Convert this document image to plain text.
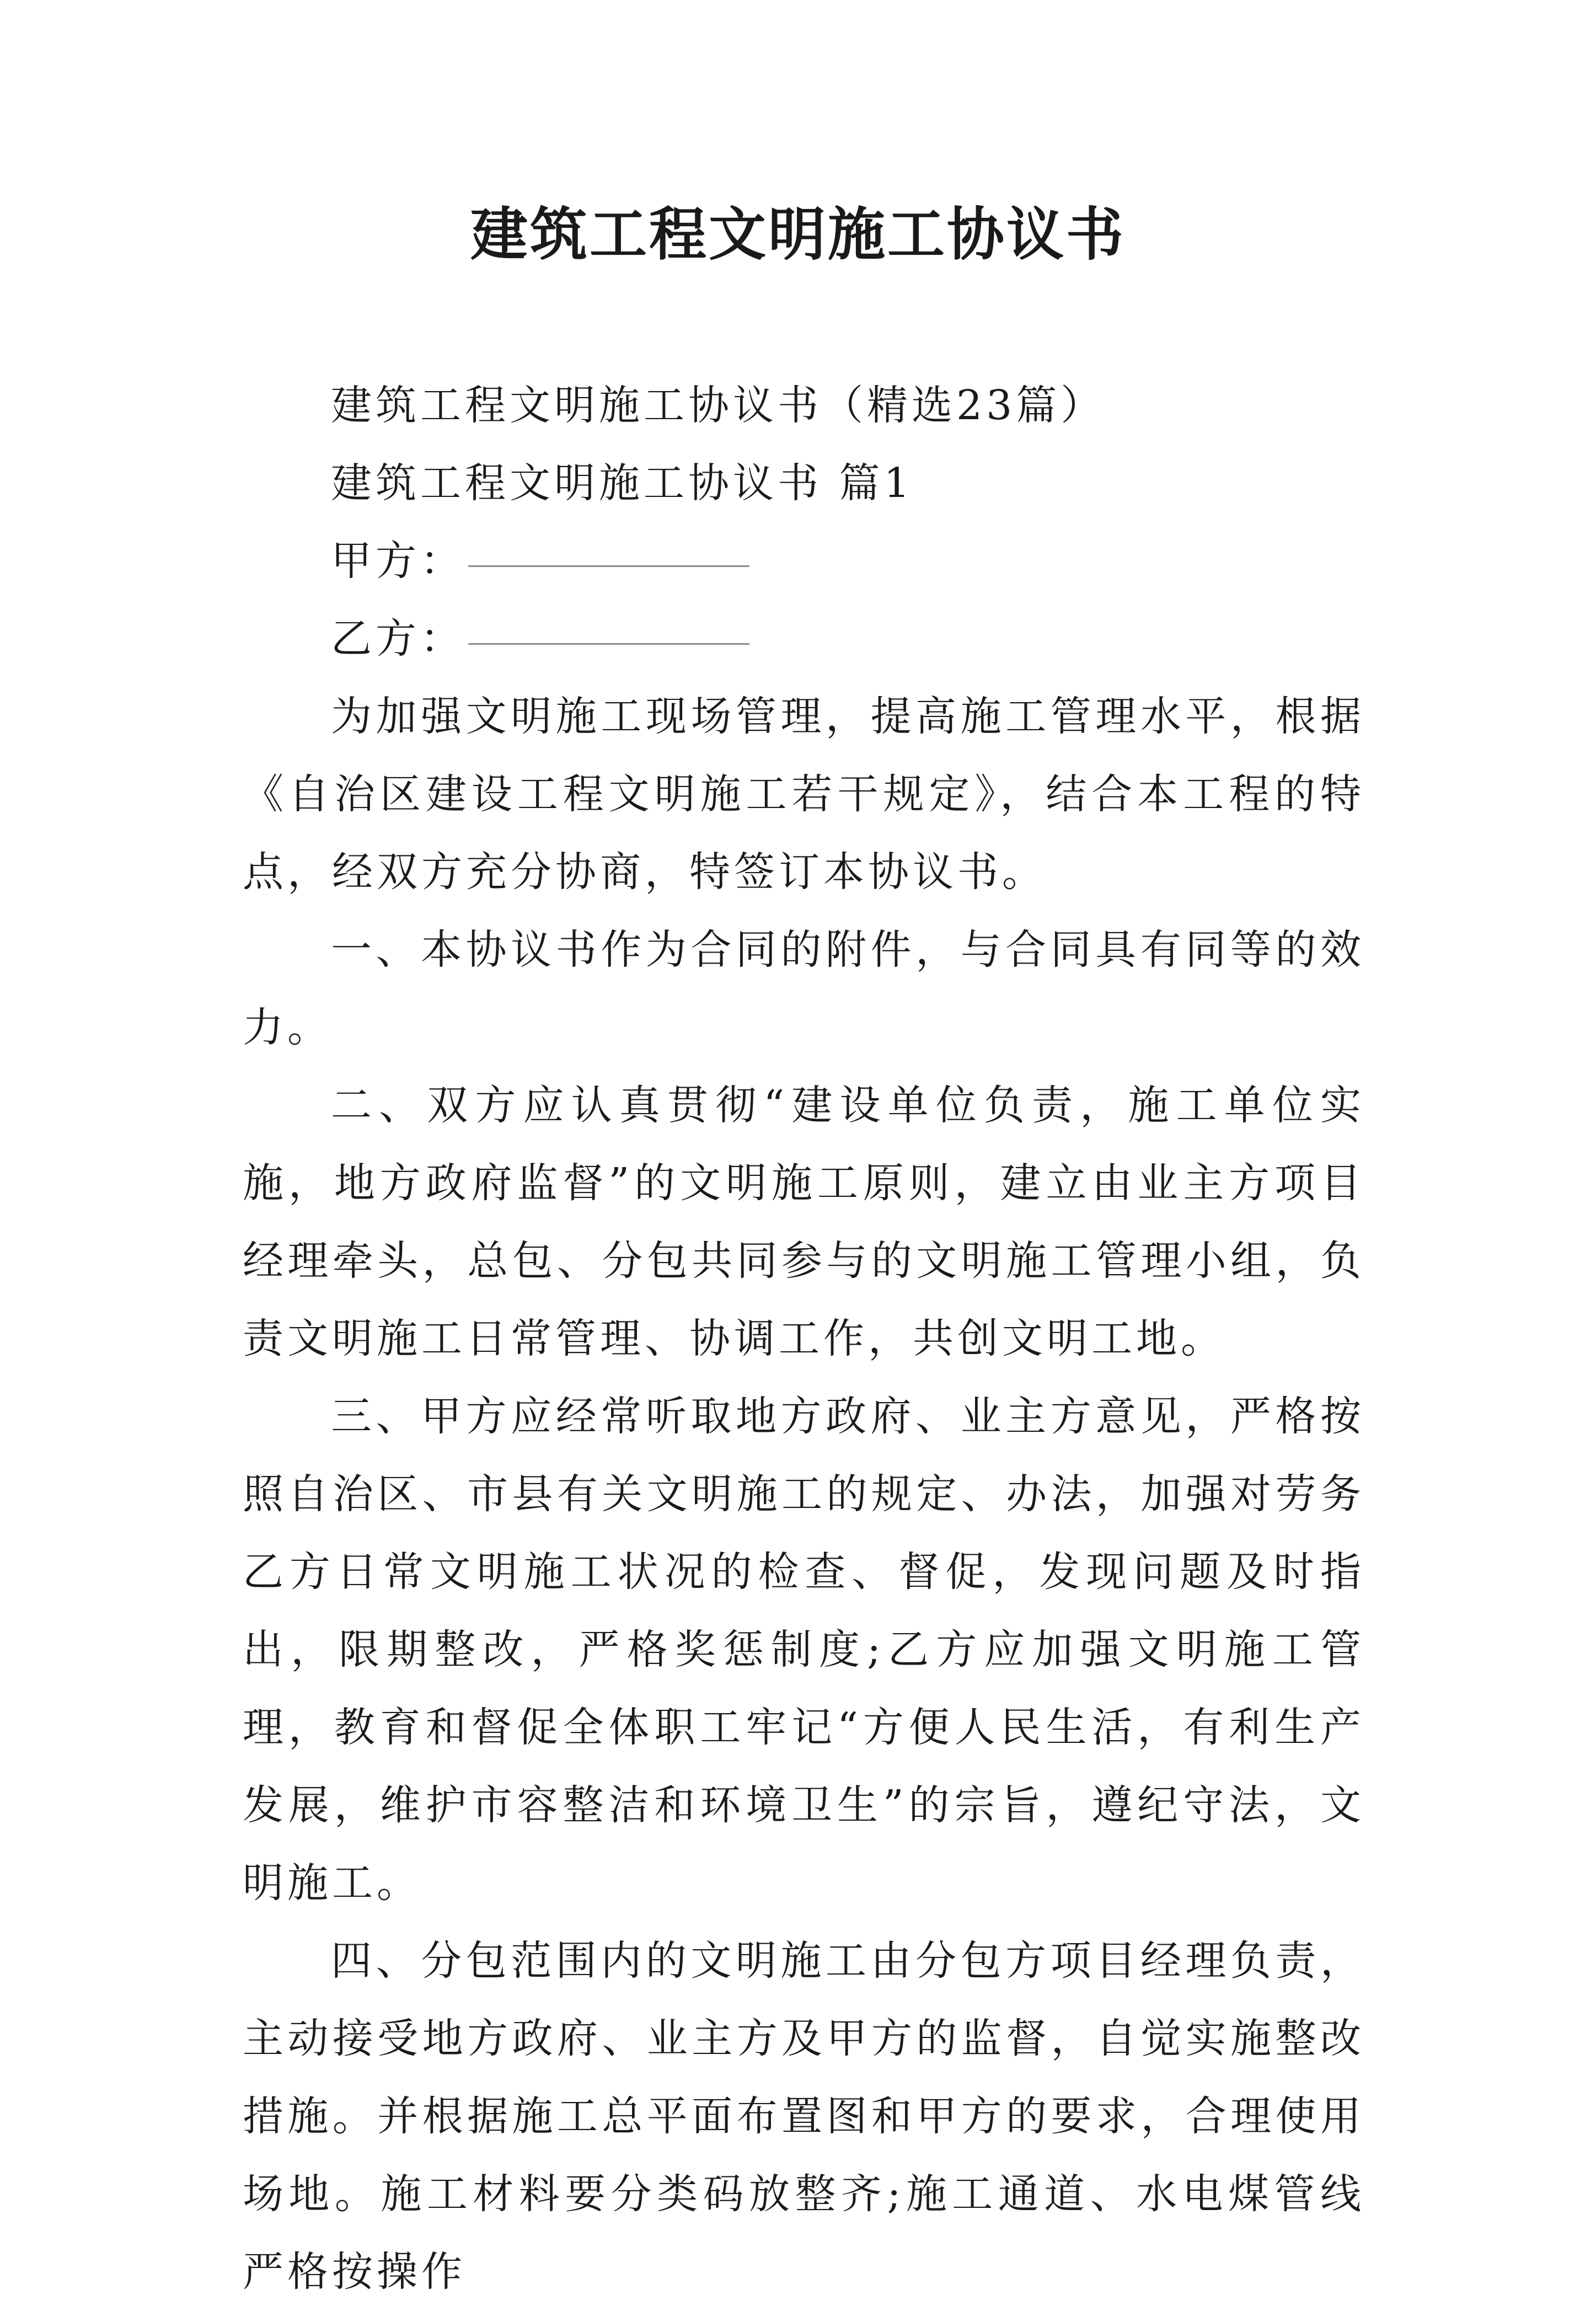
建筑工程文明施工协议书

建筑工程文明施工协议书（精选23篇）

建筑工程文明施工协议书 篇1

甲方：

乙方：

为加强文明施工现场管理，提高施工管理水平，根据《自治区建设工程文明施工若干规定》，结合本工程的特点，经双方充分协商，特签订本协议书。

一、本协议书作为合同的附件，与合同具有同等的效力。

二、双方应认真贯彻“建设单位负责，施工单位实施，地方政府监督”的文明施工原则，建立由业主方项目经理牵头，总包、分包共同参与的文明施工管理小组，负责文明施工日常管理、协调工作，共创文明工地。

三、甲方应经常听取地方政府、业主方意见，严格按照自治区、市县有关文明施工的规定、办法，加强对劳务乙方日常文明施工状况的检查、督促，发现问题及时指出，限期整改，严格奖惩制度;乙方应加强文明施工管理，教育和督促全体职工牢记“方便人民生活，有利生产发展，维护市容整洁和环境卫生”的宗旨，遵纪守法，文明施工。

四、分包范围内的文明施工由分包方项目经理负责，主动接受地方政府、业主方及甲方的监督，自觉实施整改措施。并根据施工总平面布置图和甲方的要求，合理使用场地。施工材料要分类码放整齐;施工通道、水电煤管线严格按操作
